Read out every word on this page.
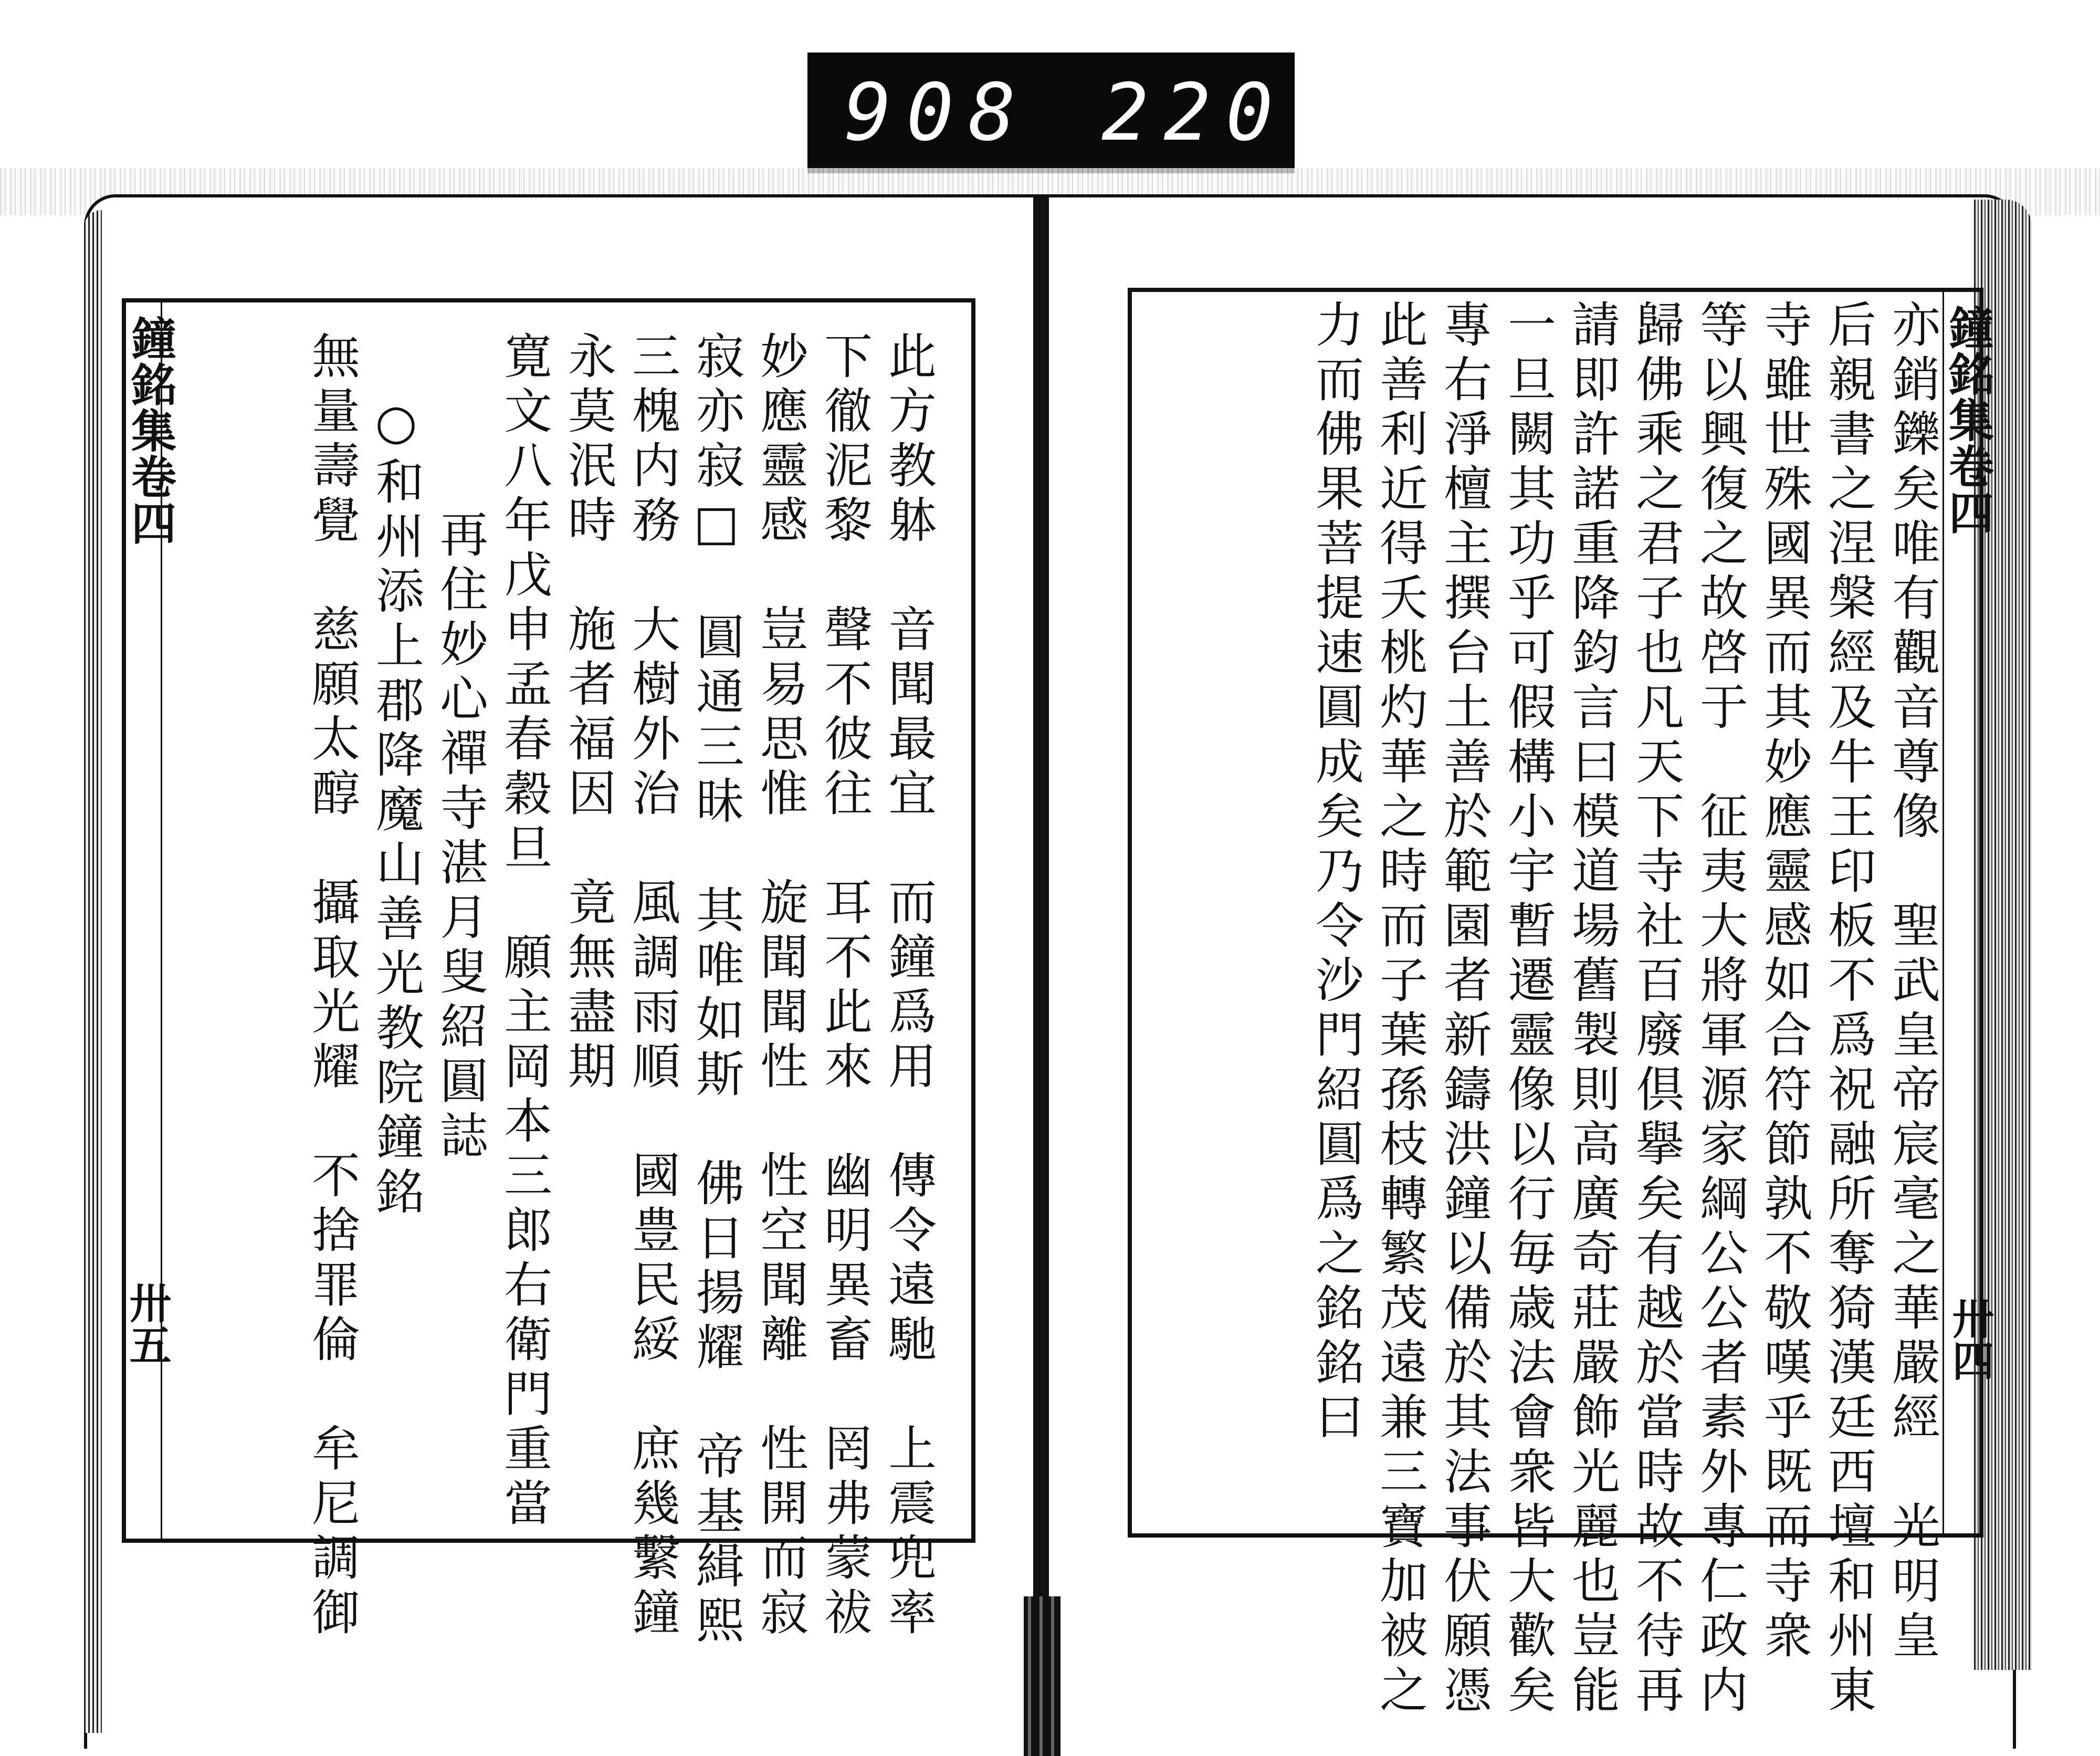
908 220.
鐘銘集卷四
卅五	此方教躰　音聞最宜　而鐘爲用　傳令遠馳　上震兜率
下徹泥黎　聲不彼往　耳不此來　幽明異畜　罔弗蒙祓
妙應靈感　豈易思惟　旋聞聞性　性空聞離　性開而寂
寂亦寂□　圓通三昧　其唯如斯　佛日揚耀　帝基緝熙
三槐内務　大樹外治　風調雨順　國豊民綏　庶幾繫鐘
永莫泯時　施者福因　竟無盡期
寛文八年戊申孟春穀旦　願主岡本三郎右衛門重當
再住妙心禪寺湛月叟紹圓誌
○和州添上郡降魔山善光教院鐘銘
無量壽覺　慈願太醇　攝取光耀　不捨罪倫　牟尼調御	鐘銘集卷四
卅四
亦銷鑠矣唯有觀音尊像　聖武皇帝宸毫之華嚴經　光明皇
后親書之涅槃經及牛王印板不爲祝融所奪猗漢廷西壇和州東
寺雖世殊國異而其妙應靈感如合符節孰不敬嘆乎既而寺衆
等以興復之故啓于　征夷大將軍源家綱公公者素外專仁政内
歸佛乘之君子也凡天下寺社百廢倶擧矣有越於當時故不待再
請即許諾重降鈞言曰模道場舊製則高廣奇莊嚴飾光麗也豈能
一旦闕其功乎可假構小宇暫遷靈像以行毎歳法會衆皆大歡矣
專右淨檀主撰台土善於範園者新鑄洪鐘以備於其法事伏願憑
此善利近得夭桃灼華之時而子葉孫枝轉繁茂遠兼三寶加被之
力而佛果菩提速圓成矣乃令沙門紹圓爲之銘銘曰
